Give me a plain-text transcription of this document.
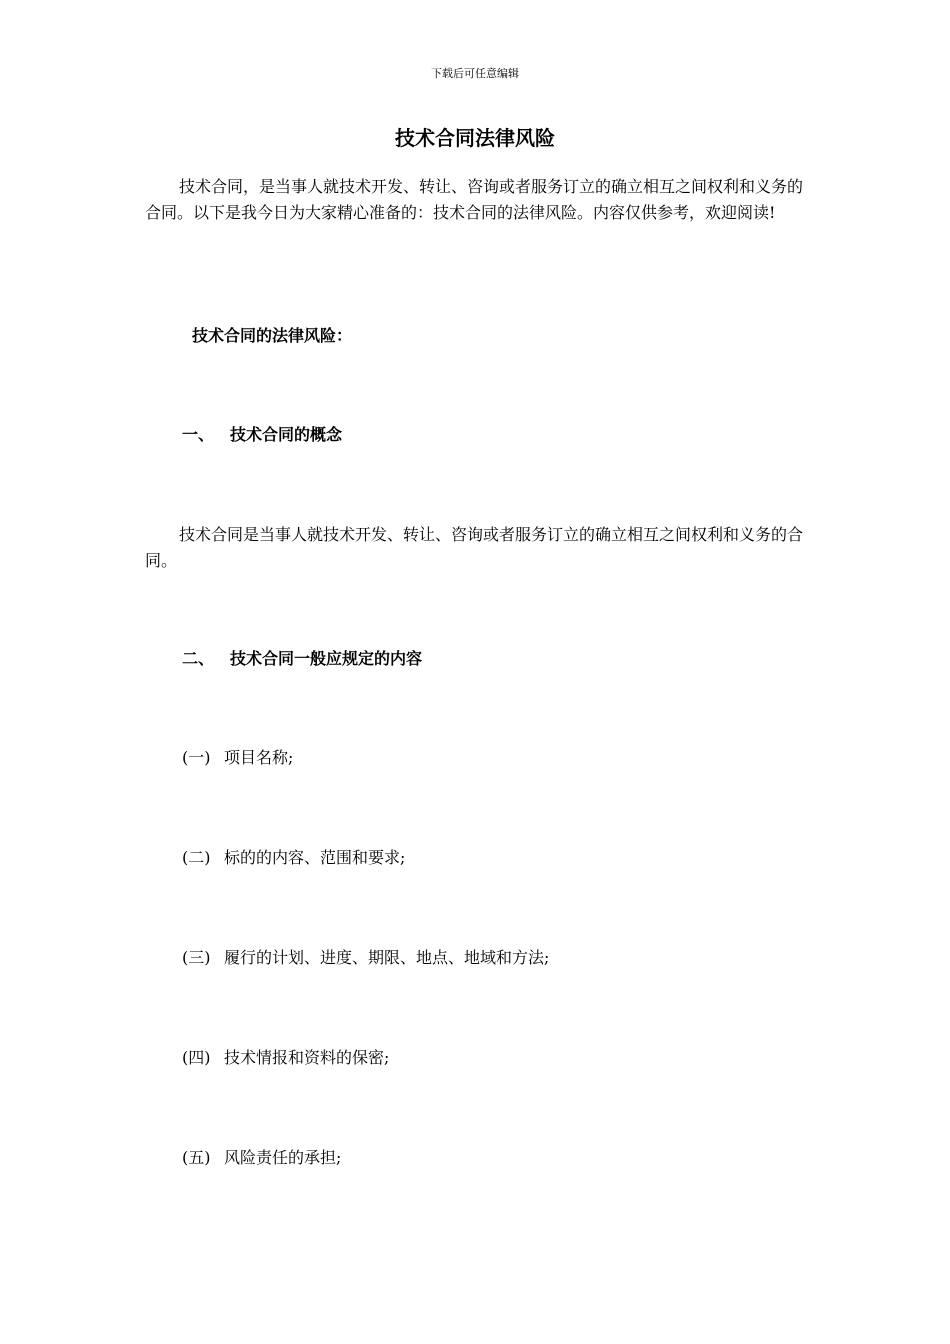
下载后可任意编辑
技术合同法律风险

技术合同，是当事人就技术开发、转让、咨询或者服务订立的确立相互之间权利和义务的合同。以下是我今日为大家精心准备的：技术合同的法律风险。内容仅供参考，欢迎阅读!

技术合同的法律风险：
一、 技术合同的概念

技术合同是当事人就技术开发、转让、咨询或者服务订立的确立相互之间权利和义务的合同。

二、 技术合同一般应规定的内容

(一) 项目名称;

(二) 标的的内容、范围和要求;

(三) 履行的计划、进度、期限、地点、地域和方法;

(四) 技术情报和资料的保密;

(五) 风险责任的承担;
